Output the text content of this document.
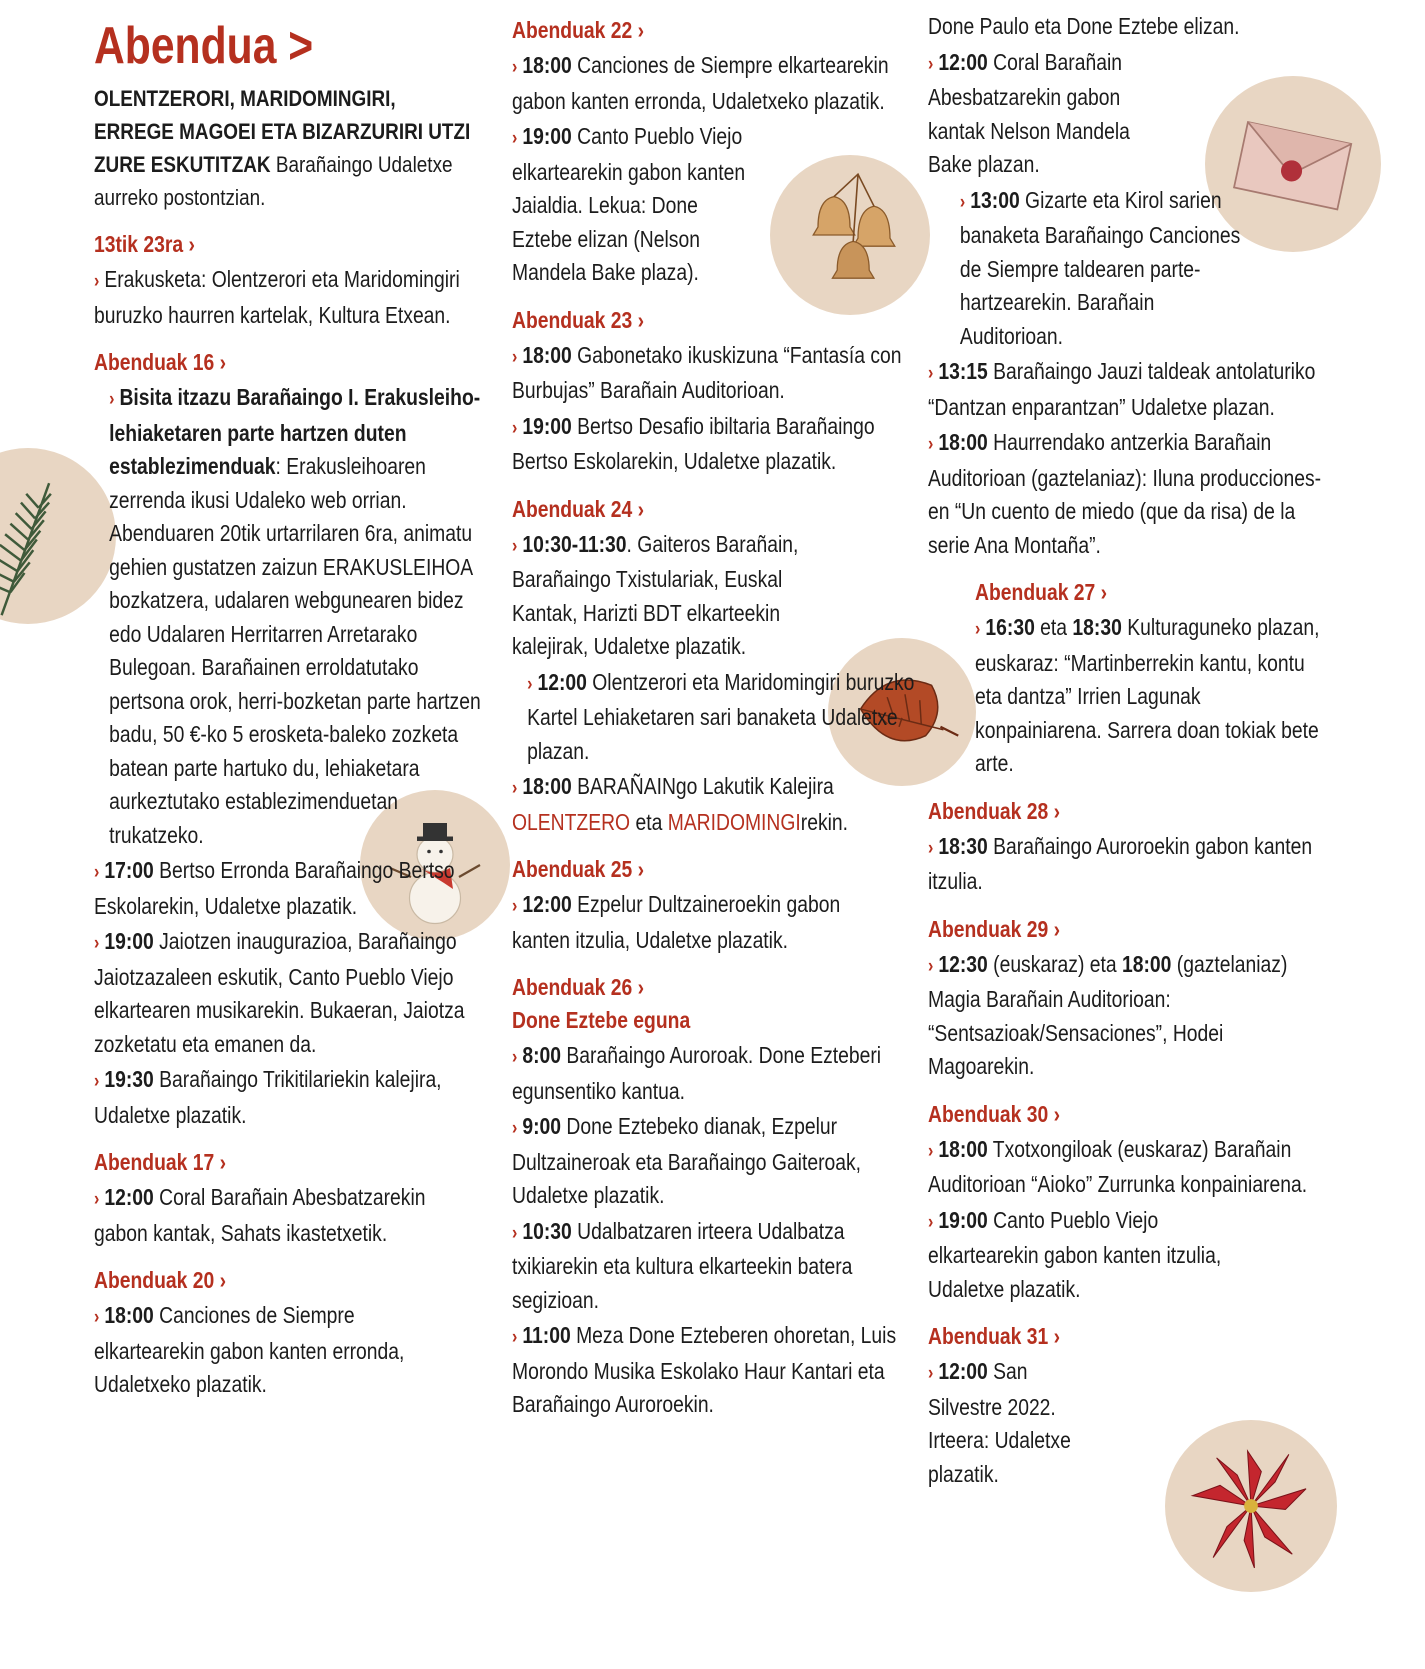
Abendua >
OLENTZERORI, MARIDOMINGIRI, ERREGE MAGOEI ETA BIZARZURIRI UTZI ZURE ESKUTITZAK Barañaingo Udaletxe aurreko postontzian.
13tik 23ra ›
› Erakusketa: Olentzerori eta Maridomingiri buruzko haurren kartelak, Kultura Etxean.
Abenduak 16 ›
› Bisita itzazu Barañaingo I. Erakusleiho-lehiaketaren parte hartzen duten establezimenduak: Erakusleihoaren zerrenda ikusi Udaleko web orrian. Abenduaren 20tik urtarrilaren 6ra, animatu gehien gustatzen zaizun ERAKUSLEIHOA bozkatzera, udalaren webgunearen bidez edo Udalaren Herritarren Arretarako Bulegoan. Barañainen erroldatutako pertsona orok, herri-bozketan parte hartzen badu, 50 €-ko 5 erosketa-baleko zozketa batean parte hartuko du, lehiaketara aurkeztutako establezimenduetan trukatzeko.
› 17:00 Bertso Erronda Barañaingo Bertso Eskolarekin, Udaletxe plazatik.
› 19:00 Jaiotzen inaugurazioa, Barañaingo Jaiotzazaleen eskutik, Canto Pueblo Viejo elkartearen musikarekin. Bukaeran, Jaiotza zozketatu eta emanen da.
› 19:30 Barañaingo Trikitilariekin kalejira, Udaletxe plazatik.
Abenduak 17 ›
› 12:00 Coral Barañain Abesbatzarekin gabon kantak, Sahats ikastetxetik.
Abenduak 20 ›
› 18:00 Canciones de Siempre elkartearekin gabon kanten erronda, Udaletxeko plazatik.
Abenduak 22 ›
› 18:00 Canciones de Siempre elkartearekin gabon kanten erronda, Udaletxeko plazatik.
› 19:00 Canto Pueblo Viejo elkartearekin gabon kanten Jaialdia. Lekua: Done Eztebe elizan (Nelson Mandela Bake plaza).
Abenduak 23 ›
› 18:00 Gabonetako ikuskizuna “Fantasía con Burbujas” Barañain Auditorioan.
› 19:00 Bertso Desafio ibiltaria Barañaingo Bertso Eskolarekin, Udaletxe plazatik.
Abenduak 24 ›
› 10:30-11:30. Gaiteros Barañain, Barañaingo Txistulariak, Euskal Kantak, Harizti BDT elkarteekin kalejirak, Udaletxe plazatik.
› 12:00 Olentzerori eta Maridomingiri buruzko Kartel Lehiaketaren sari banaketa Udaletxe plazan.
› 18:00 BARAÑAINgo Lakutik Kalejira OLENTZERO eta MARIDOMINGIrekin.
Abenduak 25 ›
› 12:00 Ezpelur Dultzaineroekin gabon kanten itzulia, Udaletxe plazatik.
Abenduak 26 ›
Done Eztebe eguna
› 8:00 Barañaingo Auroroak. Done Ezteberi egunsentiko kantua.
› 9:00 Done Eztebeko dianak, Ezpelur Dultzaineroak eta Barañaingo Gaiteroak, Udaletxe plazatik.
› 10:30 Udalbatzaren irteera Udalbatza txikiarekin eta kultura elkarteekin batera segizioan.
› 11:00 Meza Done Ezteberen ohoretan, Luis Morondo Musika Eskolako Haur Kantari eta Barañaingo Auroroekin.
Done Paulo eta Done Eztebe elizan.
› 12:00 Coral Barañain Abesbatzarekin gabon kantak Nelson Mandela Bake plazan.
› 13:00 Gizarte eta Kirol sarien banaketa Barañaingo Canciones de Siempre taldearen parte-hartzearekin. Barañain Auditorioan.
› 13:15 Barañaingo Jauzi taldeak antolaturiko “Dantzan enparantzan” Udaletxe plazan.
› 18:00 Haurrendako antzerkia Barañain Auditorioan (gaztelaniaz): Iluna producciones-en “Un cuento de miedo (que da risa) de la serie Ana Montaña”.
Abenduak 27 ›
› 16:30 eta 18:30 Kulturaguneko plazan, euskaraz: “Martinberrekin kantu, kontu eta dantza” Irrien Lagunak konpainiarena. Sarrera doan tokiak bete arte.
Abenduak 28 ›
› 18:30 Barañaingo Auroroekin gabon kanten itzulia.
Abenduak 29 ›
› 12:30 (euskaraz) eta 18:00 (gaztelaniaz) Magia Barañain Auditorioan: “Sentsazioak/Sensaciones”, Hodei Magoarekin.
Abenduak 30 ›
› 18:00 Txotxongiloak (euskaraz) Barañain Auditorioan “Aioko” Zurrunka konpainiarena.
› 19:00 Canto Pueblo Viejo elkartearekin gabon kanten itzulia, Udaletxe plazatik.
Abenduak 31 ›
› 12:00 San Silvestre 2022. Irteera: Udaletxe plazatik.
